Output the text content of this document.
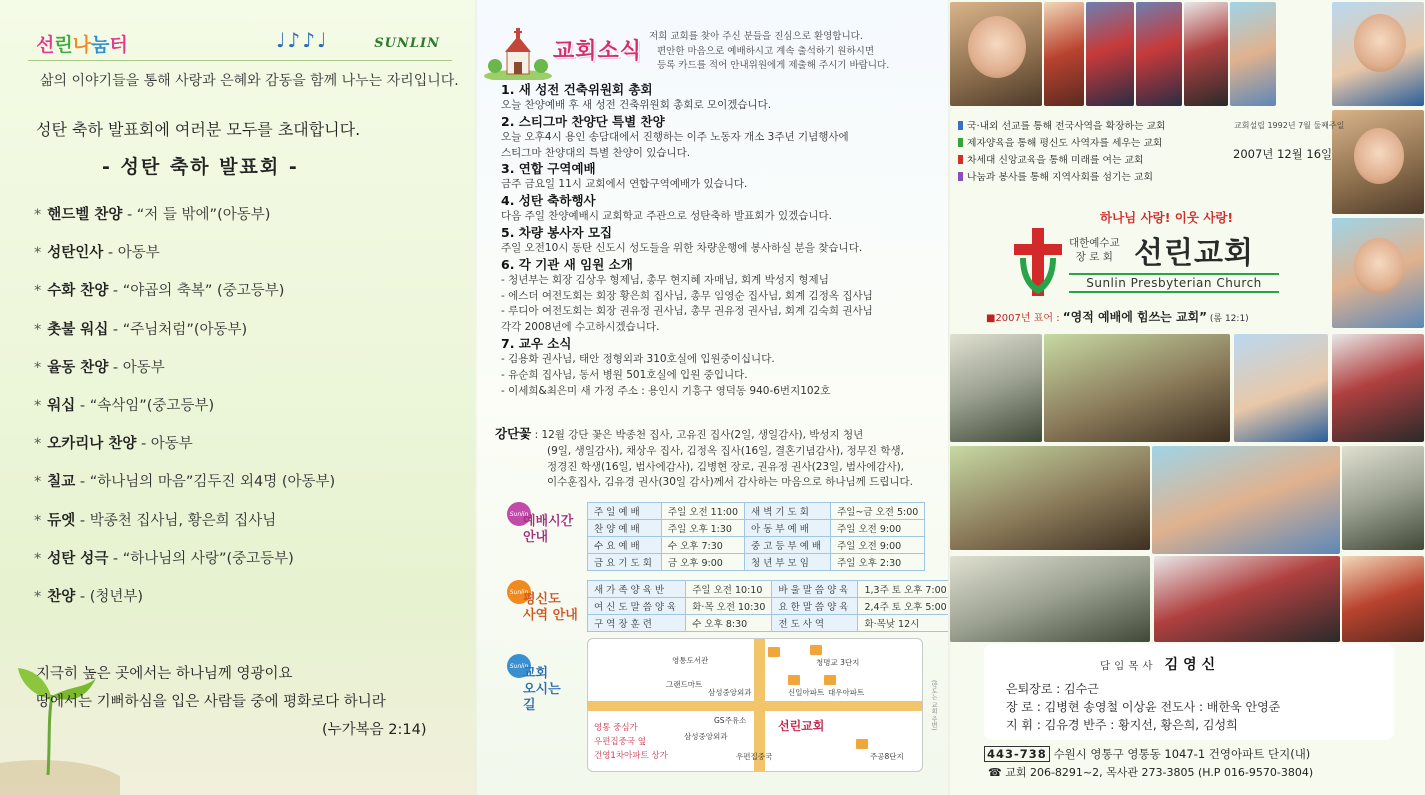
선린나눔터	♩♪♪♩	SUNLIN
삶의 이야기들을 통해 사랑과 은혜와 감동을 함께 나누는 자리입니다.
성탄 축하 발표회에 여러분 모두를 초대합니다.
- 성탄 축하 발표회 -
* 핸드벨 찬양 - “저 들 밖에”(아동부)
* 성탄인사 - 아동부
* 수화 찬양 - “야곱의 축복” (중고등부)
* 촛불 워십 - “주님처럼”(아동부)
* 율동 찬양 - 아동부
* 워십 - “속삭임”(중고등부)
* 오카리나 찬양 - 아동부
* 칠교 - “하나님의 마음”김두진 외4명 (아동부)
* 듀엣 - 박종천 집사님, 황은희 집사님
* 성탄 성극 - “하나님의 사랑”(중고등부)
* 찬양 - (청년부)
지극히 높은 곳에서는 하나님께 영광이요
땅에서는 기뻐하심을 입은 사람들 중에 평화로다 하니라
(누가복음 2:14)
교회소식
저희 교회를 찾아 주신 분들을 진심으로 환영합니다.
편안한 마음으로 예배하시고 계속 출석하기 원하시면
등록 카드를 적어 안내위원에게 제출해 주시기 바랍니다.
1. 새 성전 건축위원회 총회
오늘 찬양예배 후 새 성전 건축위원회 총회로 모이겠습니다.
2. 스티그마 찬양단 특별 찬양
오늘 오후4시 용인 송담대에서 진행하는 이주 노동자 개소 3주년 기념행사에
스티그마 찬양대의 특별 찬양이 있습니다.
3. 연합 구역예배
금주 금요일 11시 교회에서 연합구역예배가 있습니다.
4. 성탄 축하행사
다음 주일 찬양예배시 교회학교 주관으로 성탄축하 발표회가 있겠습니다.
5. 차량 봉사자 모집
주일 오전10시 동탄 신도시 성도들을 위한 차량운행에 봉사하실 분을 찾습니다.
6. 각 기관 새 임원 소개
- 청년부는 회장 김상우 형제님, 총무 현지혜 자매님, 회계 박성지 형제님
- 에스더 여전도회는 회장 황은희 집사님, 총무 임영순 집사님, 회계 김정옥 집사님
- 루디아 여전도회는 회장 권유정 권사님, 총무 권유정 권사님, 회계 김숙희 권사님
각각 2008년에 수고하시겠습니다.
7. 교우 소식
- 김용화 권사님, 태안 정형외과 310호실에 입원중이십니다.
- 유순희 집사님, 동서 병원 501호실에 입원 중입니다.
- 이세희&최은미 새 가정 주소 : 용인시 기흥구 영덕동 940-6번지102호
강단꽃 : 12월 강단 꽃은 박종천 집사, 고유진 집사(2일, 생일감사), 박성지 청년
(9일, 생일감사), 채상우 집사, 김정옥 집사(16일, 결혼기념감사), 정무진 학생,
정경진 학생(16일, 범사에감사), 김병현 장로, 권유정 권사(23일, 범사에감사),
이수훈집사, 김유경 권사(30일 감사)께서 감사하는 마음으로 하나님께 드립니다.
Sunlin
예배시간
안내
주일예배	주일 오전 11:00	새벽기도회	주일~금 오전 5:00
찬양예배	주일 오후 1:30	아동부예배	주일 오전 9:00
수요예배	수 오후 7:30	중고등부예배	주일 오전 9:00
금요기도회	금 오후 9:00	청년부모임	주일 오후 2:30
Sunlin
평신도
사역 안내
새가족양육반	주일 오전 10:10	바울말씀양육	1,3주 토 오후 7:00
여신도말씀양육	화·목 오전 10:30	요한말씀양육	2,4주 토 오후 5:00
구역장훈련	수 오후 8:30	전도사역	화·목낮 12시
Sunlin
교회
오시는
길
영통도서관
그랜드마트
청명교 3단지
신일아파트 대우아파트
GS주유소
삼성중앙외과
우편집중국	주공8단지
삼성중앙외과
선린교회
영통 중심가
우편집중국 옆
건영1차아파트 상가
(약도는 교회 주변)
국·내외 선교를 통해 전국사역을 확장하는 교회
제자양육을 통해 평신도 사역자를 세우는 교회
차세대 신앙교육을 통해 미래를 여는 교회
나눔과 봉사를 통해 지역사회를 섬기는 교회
교회설립 1992년 7월 둘째주일
2007년 12월 16일
하나님 사랑! 이웃 사랑!
대한예수교
장 로 회 선린교회
Sunlin Presbyterian Church
■2007년 표어 : “영적 예배에 힘쓰는 교회” (롬 12:1)
담임목사 김영신
은퇴장로 : 김수근
장 로 : 김병현 송영철 이상윤 전도사 : 배한욱 안영준
지 휘 : 김유경 반주 : 황지선, 황은희, 김성희
443-738 수원시 영통구 영통동 1047-1 건영아파트 단지(내)
☎ 교회 206-8291~2, 목사관 273-3805 (H.P 016-9570-3804)
